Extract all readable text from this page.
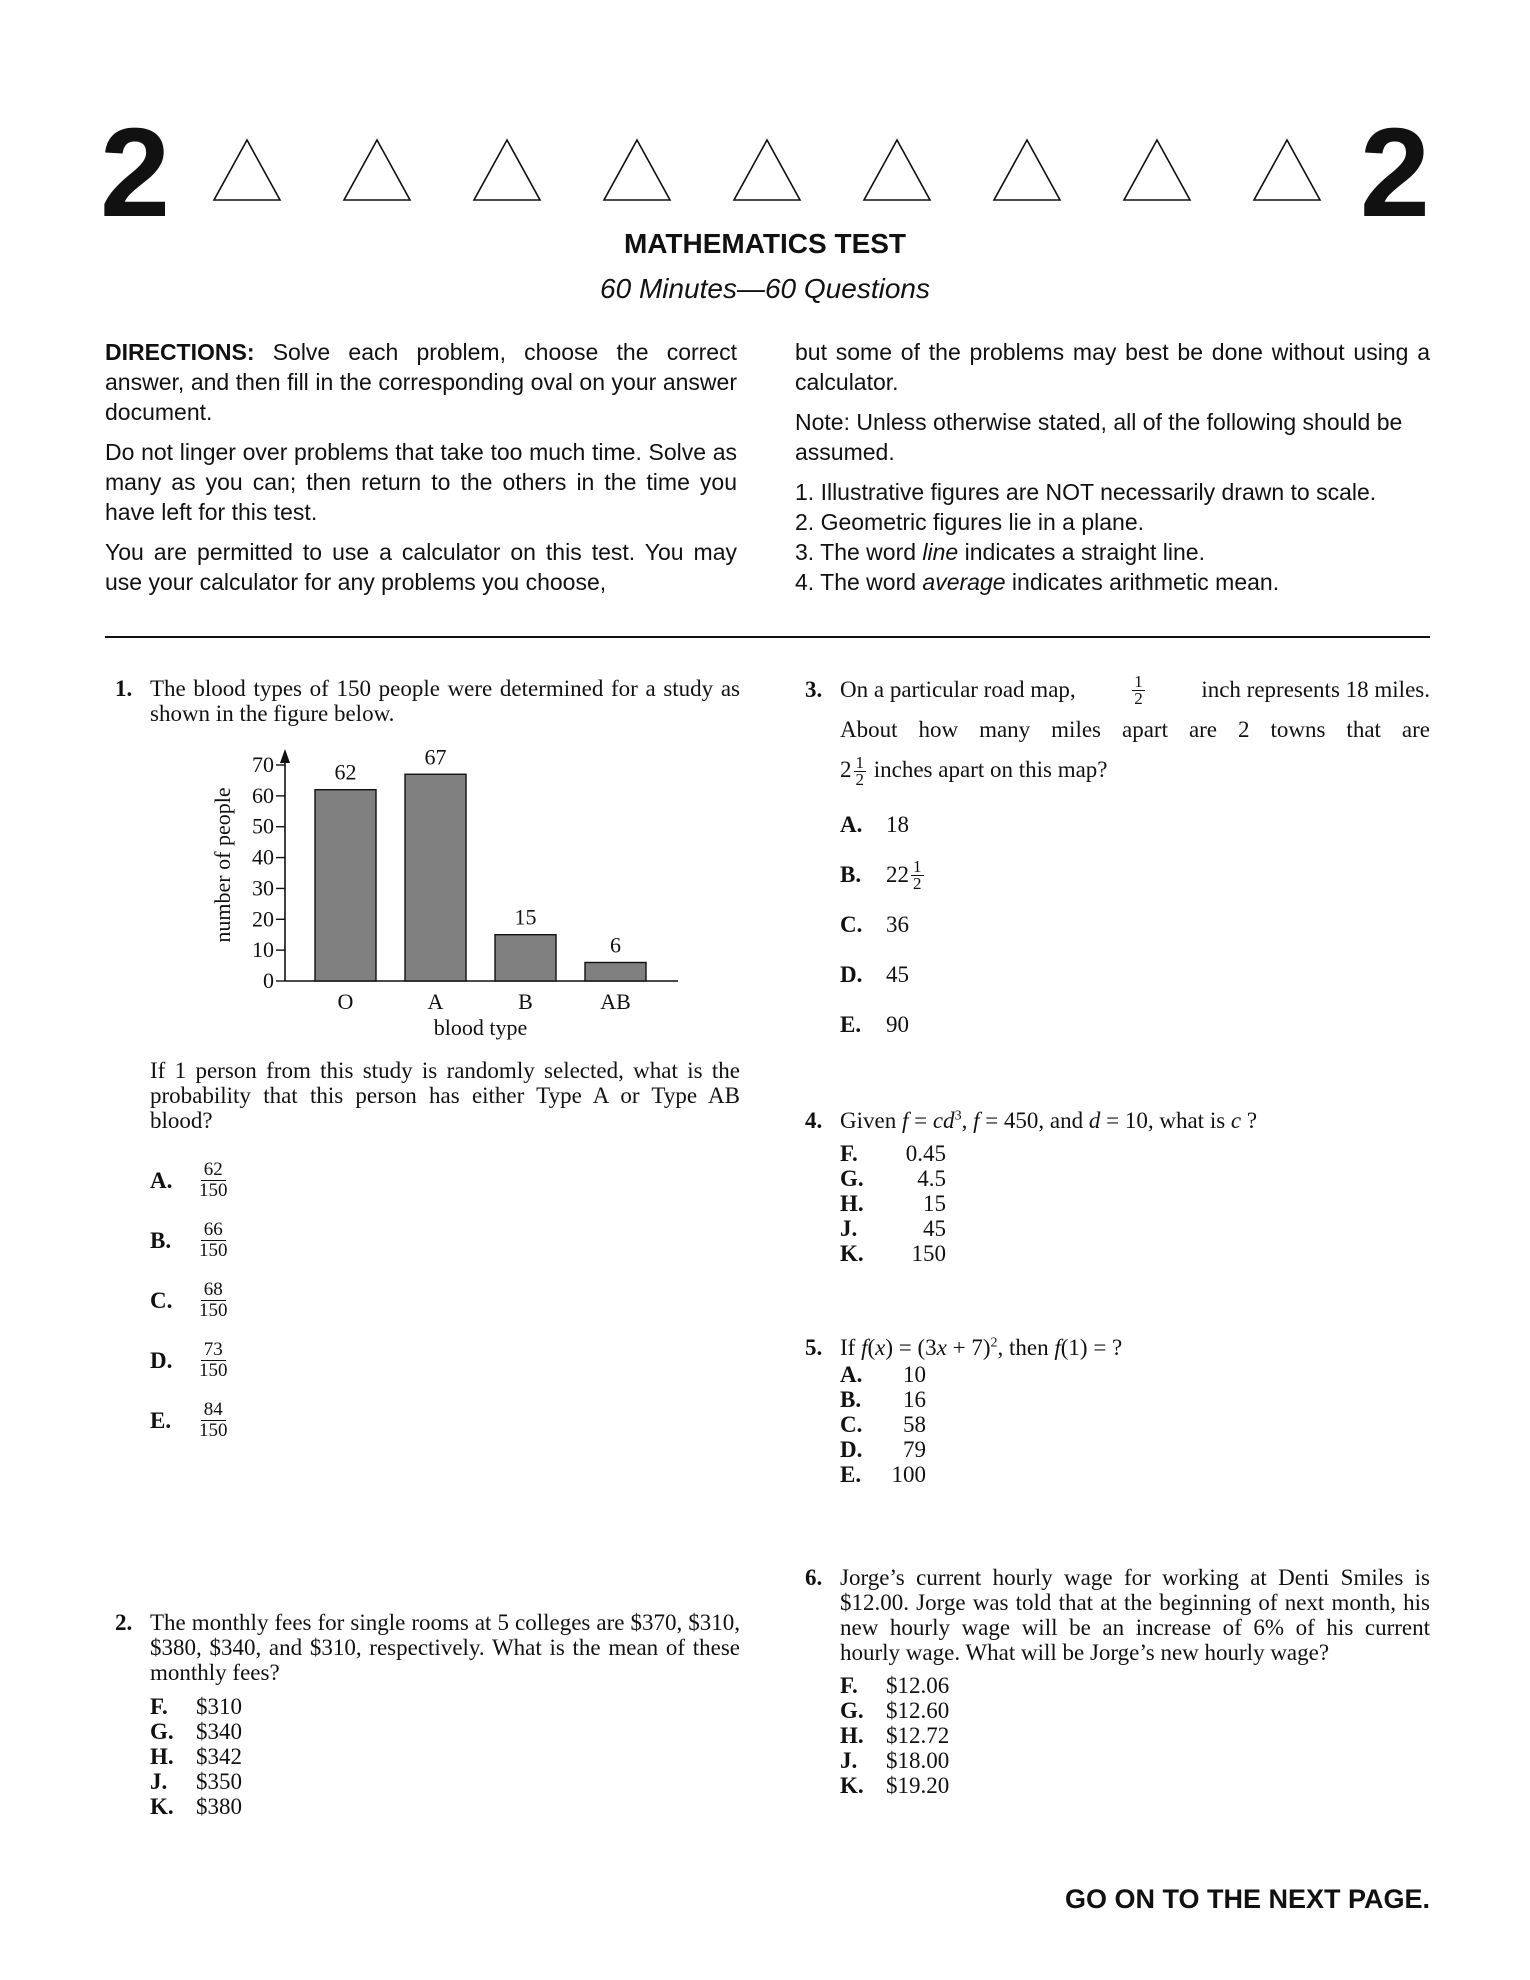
2	2
MATHEMATICS TEST
60 Minutes—60 Questions

DIRECTIONS: Solve each problem, choose the correct answer, and then fill in the corresponding oval on your answer document.

Do not linger over problems that take too much time. Solve as many as you can; then return to the others in the time you have left for this test.

You are permitted to use a calculator on this test. You may use your calculator for any problems you choose,

but some of the problems may best be done without using a calculator.

Note: Unless otherwise stated, all of the following should be assumed.

1. Illustrative figures are NOT necessarily drawn to scale.
2. Geometric figures lie in a plane.
3. The word line indicates a straight line.
4. The word average indicates arithmetic mean.
1. The blood types of 150 people were determined for a study as shown in the figure below.
0
10
20
30
40
50
60
70
number of people
62
O
67
A
15
B
6
AB
blood type
If 1 person from this study is randomly selected, what is the probability that this person has either Type A or Type AB blood?
A.	$\frac{62}{150}$
B.	$\frac{66}{150}$
C.	$\frac{68}{150}$
D.	$\frac{73}{150}$
E.	$\frac{84}{150}$
2. The monthly fees for single rooms at 5 colleges are $370, $310, $380, $340, and $310, respectively. What is the mean of these monthly fees?
F.	$310
G. $340
H. $342
J.	$350
K. $380
3. On a particular road map,	$\frac{1}{2}$ inch represents 18 miles.
About how many miles apart are 2 towns that are
$2 \frac{1}{2}$ inches apart on this map?
A.	18
B.	$22 \frac{1}{2}$
C.	36
D.	45
E.	90
4. Given $f = cd^3$, f = 450, and d = 10, what is c ?
F.	0.45
G.	4.5
H.	15
J.	45
K.	150
5. If $f(x) = (3x + 7)^2$, then f(1) = ?
A.	10
B.	16
C.	58
D.	79
E.	100
6. Jorge’s current hourly wage for working at Denti Smiles is $12.00. Jorge was told that at the beginning of next month, his new hourly wage will be an increase of 6% of his current hourly wage. What will be Jorge’s new hourly wage?
F.	$12.06
G. $12.60
H. $12.72
J.	$18.00
K. $19.20
GO ON TO THE NEXT PAGE.
